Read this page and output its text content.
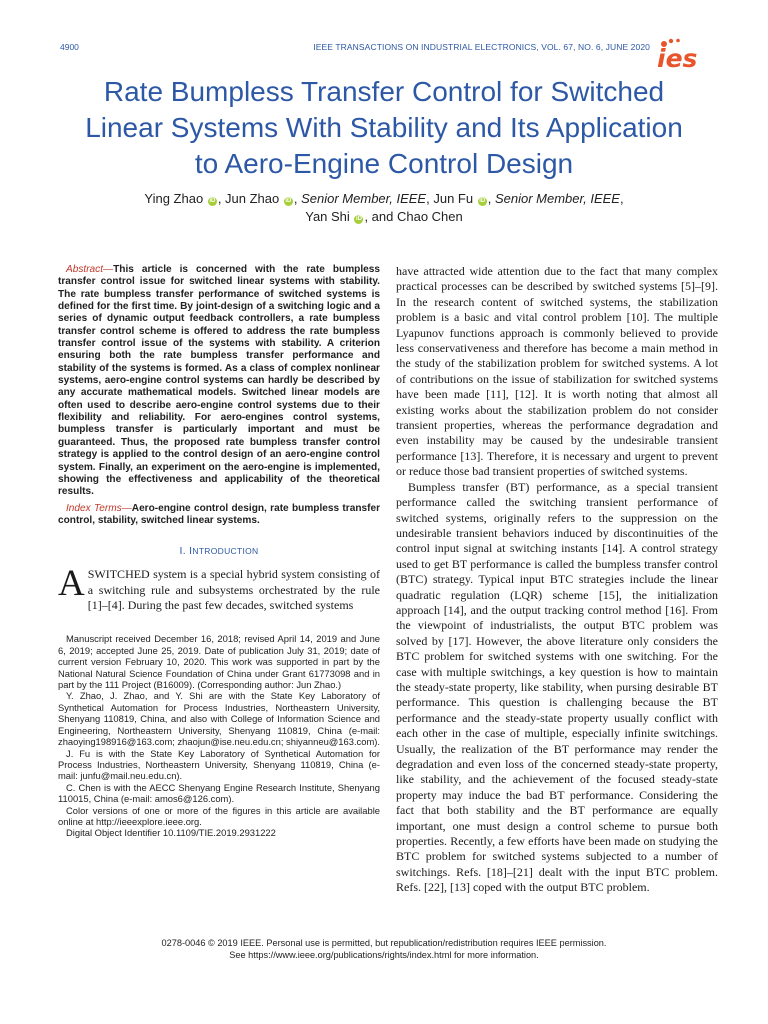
4900	IEEE TRANSACTIONS ON INDUSTRIAL ELECTRONICS, VOL. 67, NO. 6, JUNE 2020 ies
Rate Bumpless Transfer Control for Switched
Linear Systems With Stability and Its Application
to Aero-Engine Control Design
Ying Zhao iD , Jun Zhao iD , Senior Member, IEEE, Jun Fu iD , Senior Member, IEEE,
Yan Shi iD , and Chao Chen

Abstract—This article is concerned with the rate bumpless transfer control issue for switched linear systems with stability. The rate bumpless transfer performance of switched systems is defined for the first time. By joint-design of a switching logic and a series of dynamic output feedback controllers, a rate bumpless transfer control scheme is offered to address the rate bumpless transfer control issue of the systems with stability. A criterion ensuring both the rate bumpless transfer performance and stability of the systems is formed. As a class of complex nonlinear systems, aero-engine control systems can hardly be described by any accurate mathematical models. Switched linear models are often used to describe aero-engine control systems due to their flexibility and reliability. For aero-engines control systems, bumpless transfer is particularly important and must be guaranteed. Thus, the proposed rate bumpless transfer control strategy is applied to the control design of an aero-engine control system. Finally, an experiment on the aero-engine is implemented, showing the effectiveness and applicability of the theoretical results.

Index Terms—Aero-engine control design, rate bumpless transfer control, stability, switched linear systems.

I. INTRODUCTION

ASWITCHED system is a special hybrid system consisting of a switching rule and subsystems orchestrated by the rule [1]–[4]. During the past few decades, switched systems

Manuscript received December 16, 2018; revised April 14, 2019 and June 6, 2019; accepted June 25, 2019. Date of publication July 31, 2019; date of current version February 10, 2020. This work was supported in part by the National Natural Science Foundation of China under Grant 61773098 and in part by the 111 Project (B16009). (Corresponding author: Jun Zhao.)

Y. Zhao, J. Zhao, and Y. Shi are with the State Key Laboratory of Synthetical Automation for Process Industries, Northeastern University, Shenyang 110819, China, and also with College of Information Science and Engineering, Northeastern University, Shenyang 110819, China (e-mail: zhaoying198916@163.com; zhaojun@ise.neu.edu.cn; shiyanneu@163.com).

J. Fu is with the State Key Laboratory of Synthetical Automation for Process Industries, Northeastern University, Shenyang 110819, China (e-mail: junfu@mail.neu.edu.cn).

C. Chen is with the AECC Shenyang Engine Research Institute, Shenyang 110015, China (e-mail: amos6@126.com).

Color versions of one or more of the figures in this article are available online at http://ieeexplore.ieee.org.

Digital Object Identifier 10.1109/TIE.2019.2931222

have attracted wide attention due to the fact that many complex practical processes can be described by switched systems [5]–[9]. In the research content of switched systems, the stabilization problem is a basic and vital control problem [10]. The multiple Lyapunov functions approach is commonly believed to provide less conservativeness and therefore has become a main method in the study of the stabilization problem for switched systems. A lot of contributions on the issue of stabilization for switched systems have been made [11], [12]. It is worth noting that almost all existing works about the stabilization problem do not consider transient properties, whereas the performance degradation and even instability may be caused by the undesirable transient performance [13]. Therefore, it is necessary and urgent to prevent or reduce those bad transient properties of switched systems.

Bumpless transfer (BT) performance, as a special transient performance called the switching transient performance of switched systems, originally refers to the suppression on the undesirable transient behaviors induced by discontinuities of the control input signal at switching instants [14]. A control strategy used to get BT performance is called the bumpless transfer control (BTC) strategy. Typical input BTC strategies include the linear quadratic regulation (LQR) scheme [15], the initialization approach [14], and the output tracking control method [16]. From the viewpoint of industrialists, the output BTC problem was solved by [17]. However, the above literature only considers the BTC problem for switched systems with one switching. For the case with multiple switchings, a key question is how to maintain the steady-state property, like stability, when pursing desirable BT performance. This question is challenging because the BT performance and the steady-state property usually conflict with each other in the case of multiple, especially infinite switchings. Usually, the realization of the BT performance may render the degradation and even loss of the concerned steady-state property, like stability, and the achievement of the focused steady-state property may induce the bad BT performance. Considering the fact that both stability and the BT performance are equally important, one must design a control scheme to pursue both properties. Recently, a few efforts have been made on studying the BTC problem for switched systems subjected to a number of switchings. Refs. [18]–[21] dealt with the input BTC problem. Refs. [22], [13] coped with the output BTC problem.

0278-0046 © 2019 IEEE. Personal use is permitted, but republication/redistribution requires IEEE permission.
See https://www.ieee.org/publications/rights/index.html for more information.
